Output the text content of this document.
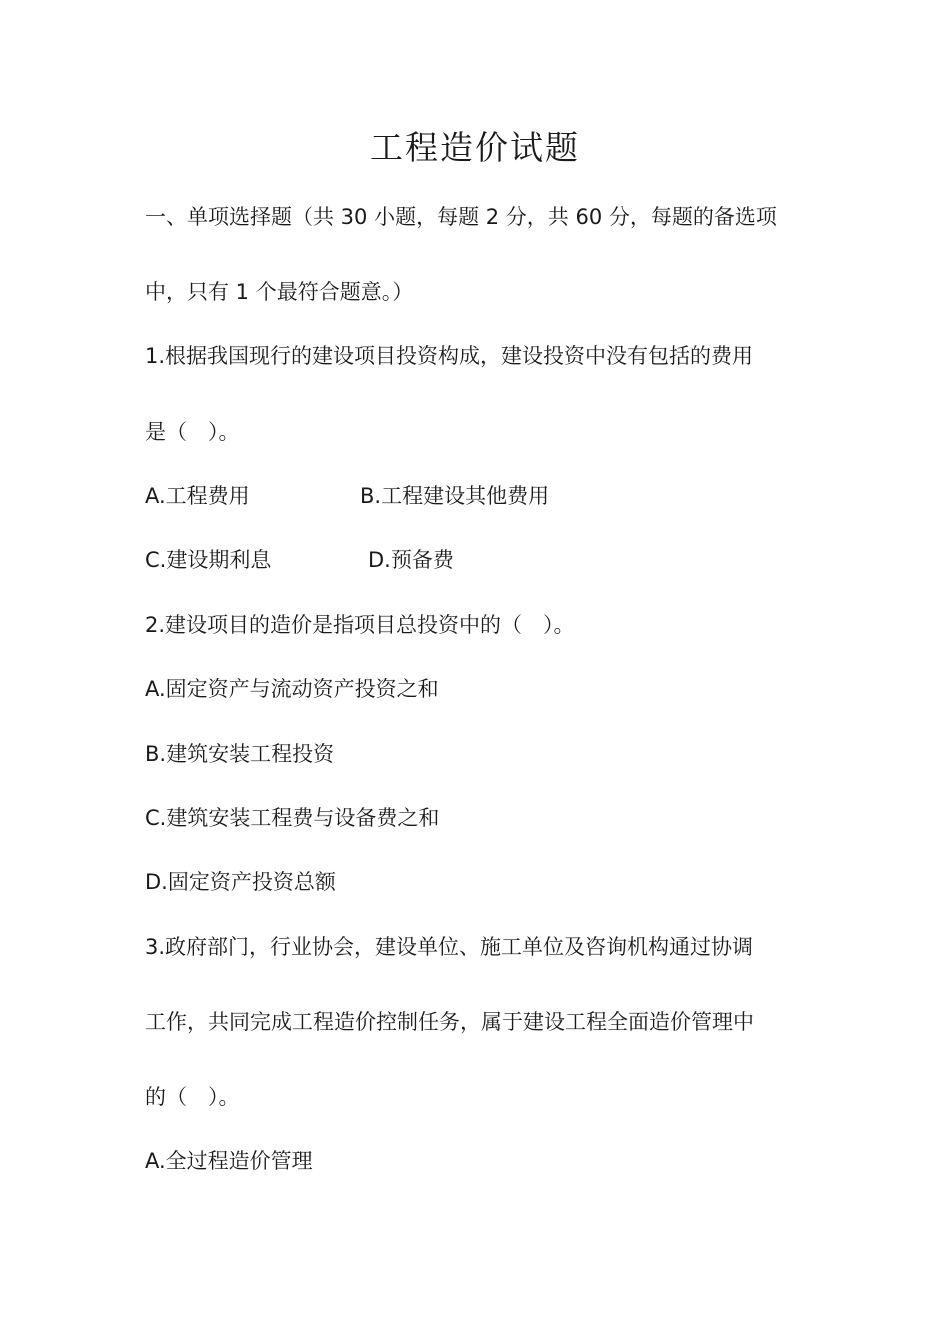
工程造价试题
一、单项选择题（共 30 小题，每题 2 分，共 60 分，每题的备选项
中，只有 1 个最符合题意。）
1.根据我国现行的建设项目投资构成，建设投资中没有包括的费用
是（　）。
A.工程费用	B.工程建设其他费用
C.建设期利息	D.预备费
2.建设项目的造价是指项目总投资中的（　）。
A.固定资产与流动资产投资之和
B.建筑安装工程投资
C.建筑安装工程费与设备费之和
D.固定资产投资总额
3.政府部门，行业协会，建设单位、施工单位及咨询机构通过协调
工作，共同完成工程造价控制任务，属于建设工程全面造价管理中
的（　）。
A.全过程造价管理
